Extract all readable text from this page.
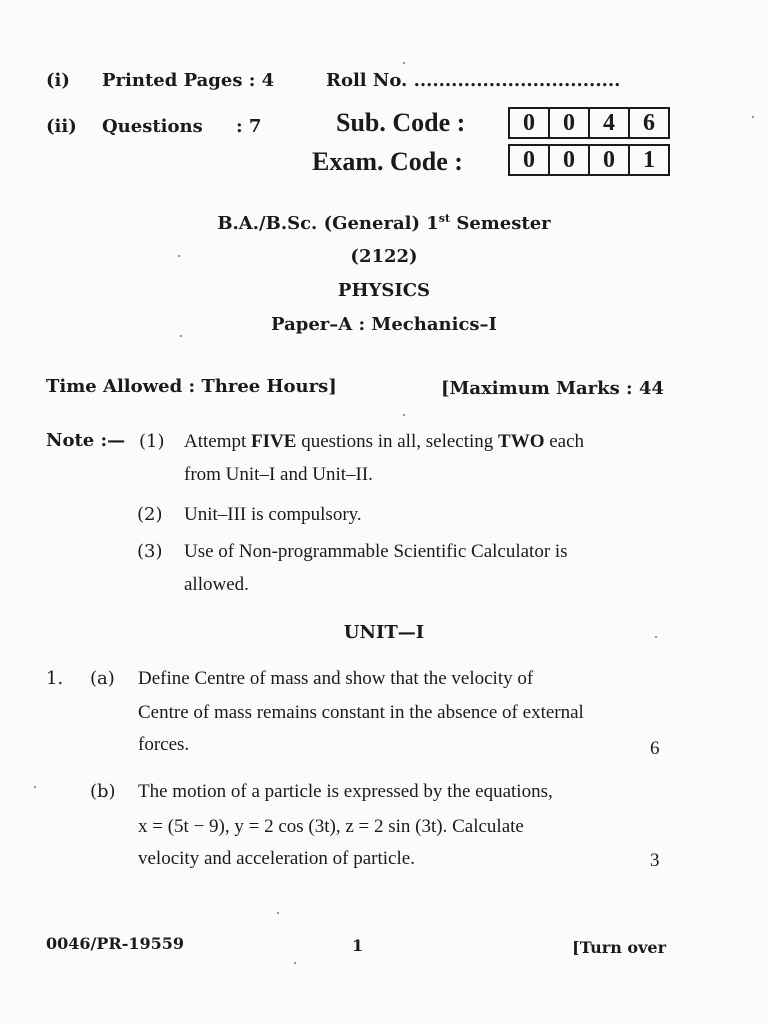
(i) Printed Pages : 4	Roll No. .................................
(ii) Questions : 7	Sub. Code :	0	0	4	6
Exam. Code :	0	0	0	1
B.A./B.Sc. (General) 1st Semester
(2122)
PHYSICS
Paper–A : Mechanics–I
Time Allowed : Three Hours]	[Maximum Marks : 44
Note :— (1) Attempt FIVE questions in all, selecting TWO each
from Unit–I and Unit–II.
(2) Unit–III is compulsory.
(3) Use of Non-programmable Scientific Calculator is
allowed.
UNIT—I
1. (a) Define Centre of mass and show that the velocity of
Centre of mass remains constant in the absence of external
forces.	6
(b) The motion of a particle is expressed by the equations,
x = (5t − 9), y = 2 cos (3t), z = 2 sin (3t). Calculate
velocity and acceleration of particle.	3
0046/PR-19559	1	[Turn over
